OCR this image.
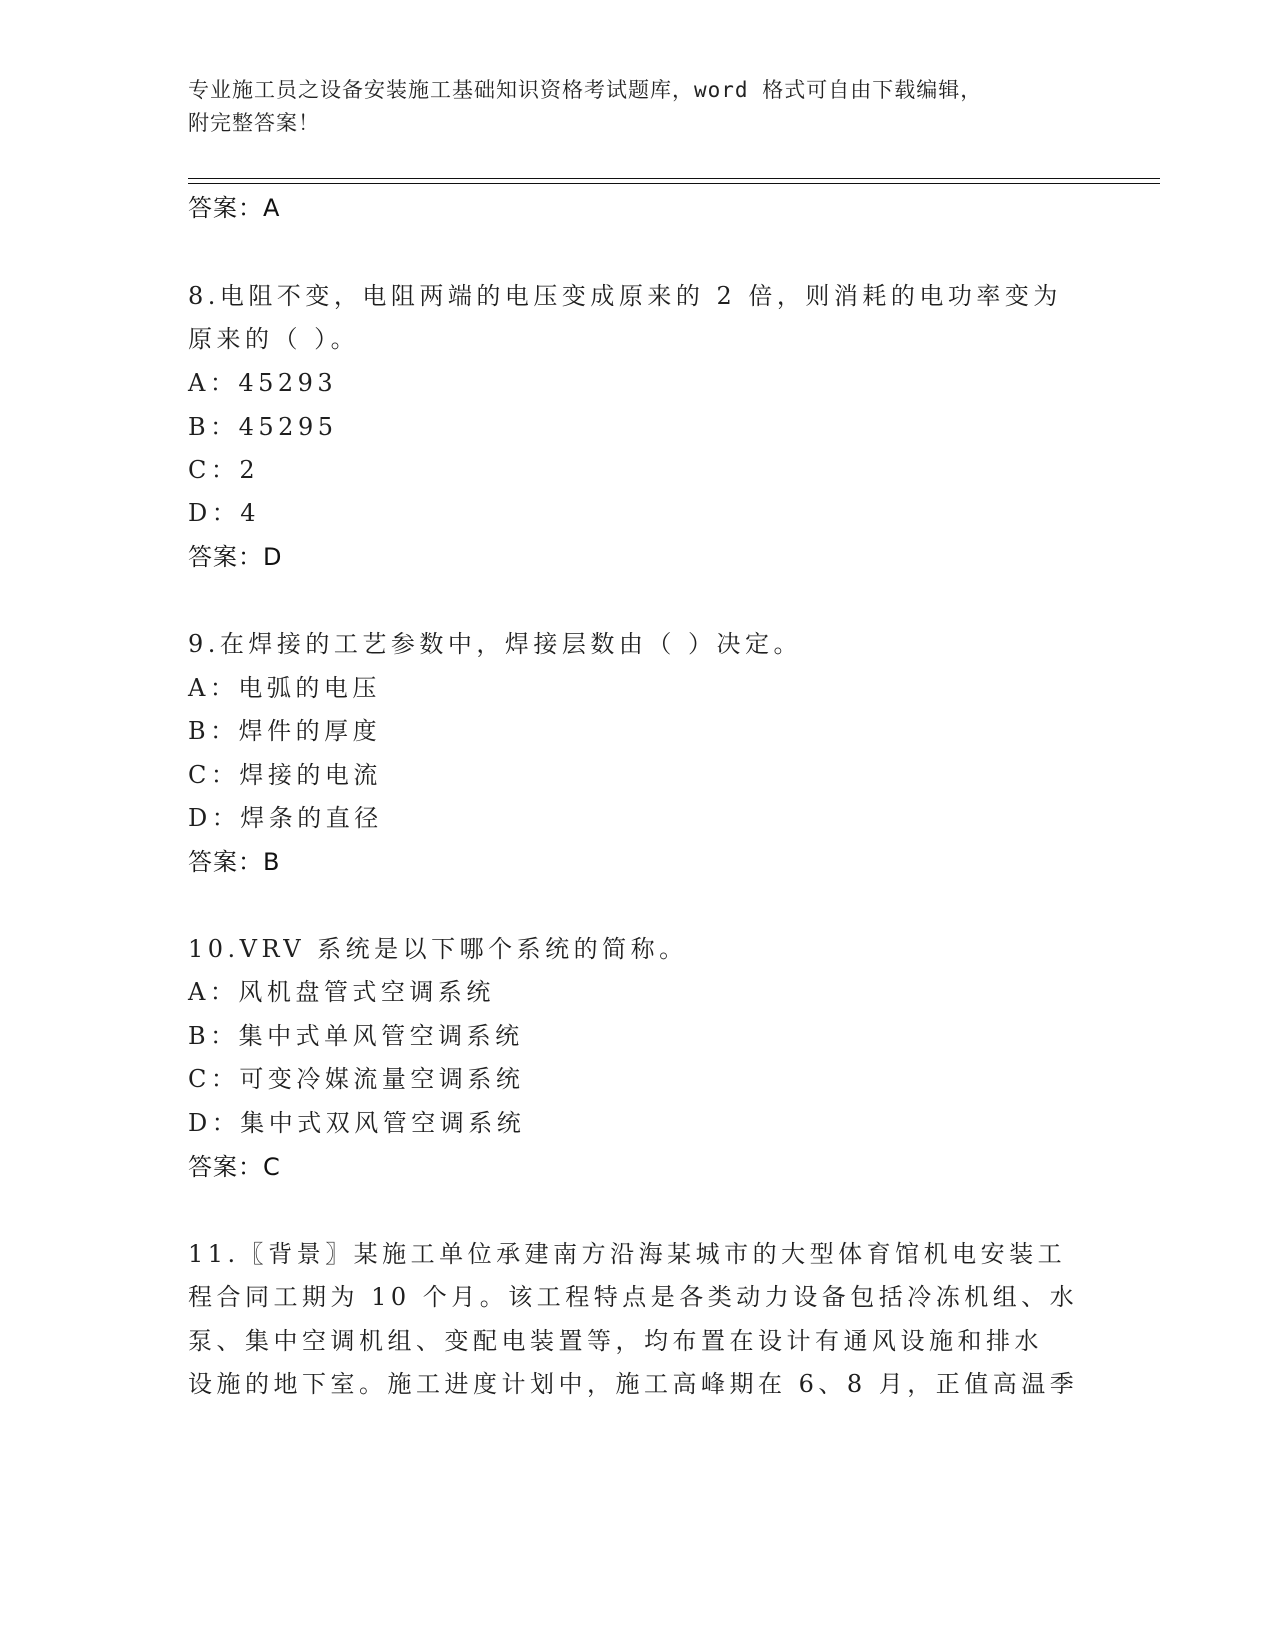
专业施工员之设备安装施工基础知识资格考试题库，word 格式可自由下载编辑，
附完整答案！
答案：A
8.电阻不变，电阻两端的电压变成原来的 2 倍，则消耗的电功率变为
原来的（ ）。
A：45293
B：45295
C：2
D：4
答案：D
9.在焊接的工艺参数中，焊接层数由（ ）决定。
A：电弧的电压
B：焊件的厚度
C：焊接的电流
D：焊条的直径
答案：B
10.VRV 系统是以下哪个系统的简称。
A：风机盘管式空调系统
B：集中式单风管空调系统
C：可变冷媒流量空调系统
D：集中式双风管空调系统
答案：C
11.〖背景〗某施工单位承建南方沿海某城市的大型体育馆机电安装工
程合同工期为 10 个月。该工程特点是各类动力设备包括冷冻机组、水
泵、集中空调机组、变配电装置等，均布置在设计有通风设施和排水
设施的地下室。施工进度计划中，施工高峰期在 6、8 月，正值高温季
